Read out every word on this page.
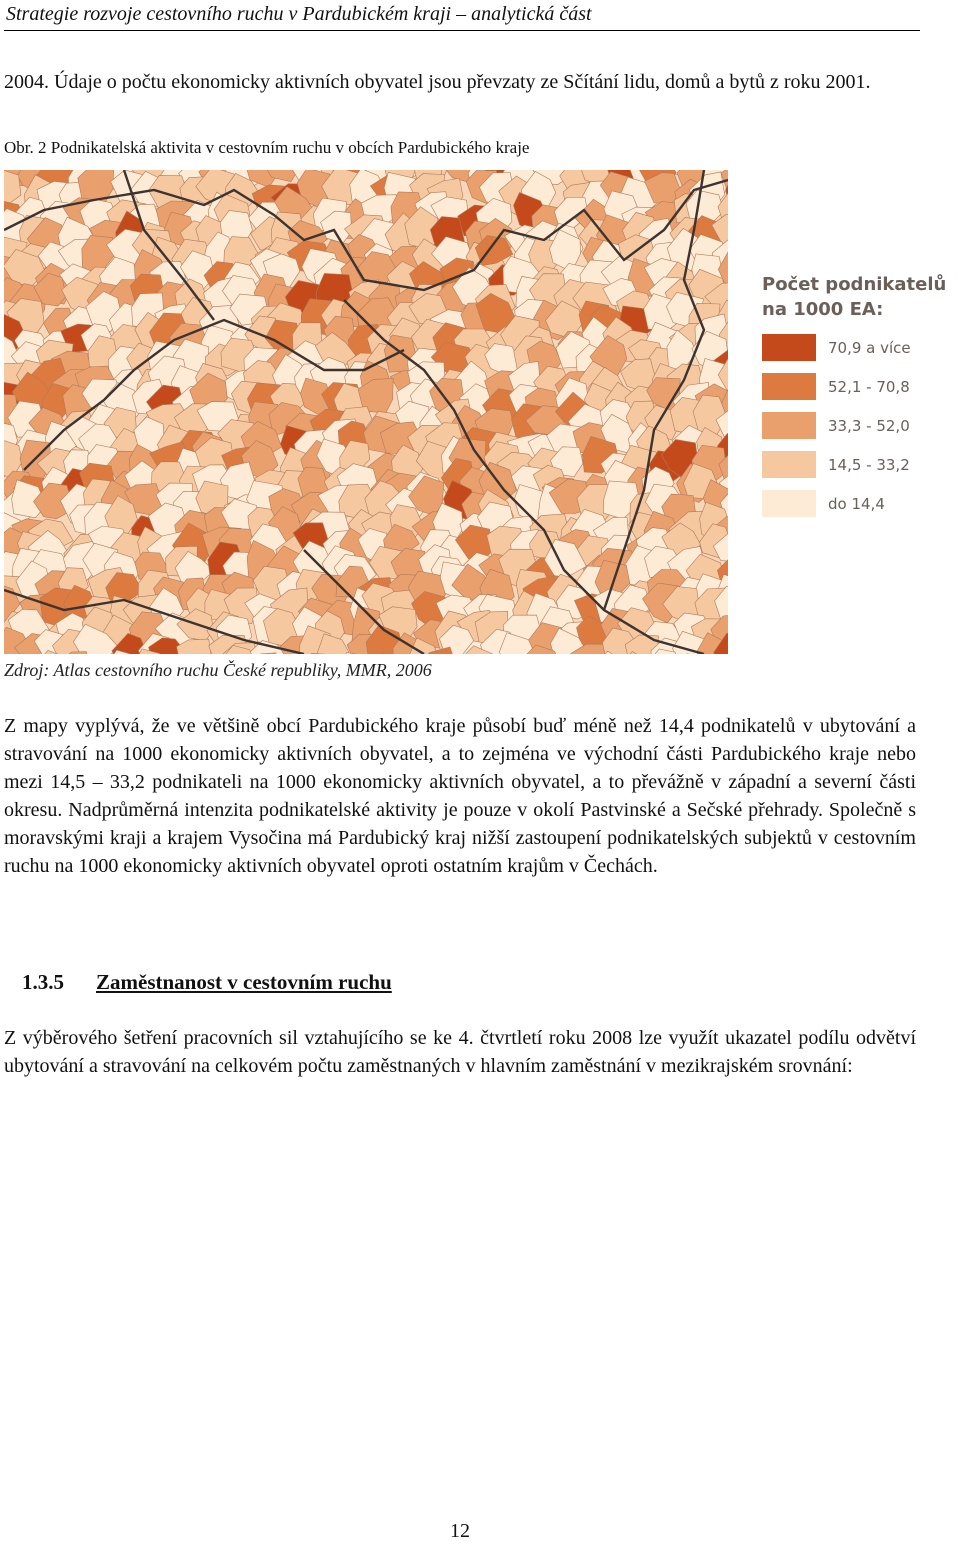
Strategie rozvoje cestovního ruchu v Pardubickém kraji – analytická část

2004. Údaje o počtu ekonomicky aktivních obyvatel jsou převzaty ze Sčítání lidu, domů a bytů z roku 2001.

Obr. 2 Podnikatelská aktivita v cestovním ruchu v obcích Pardubického kraje

Počet podnikatelů na 1000 EA:
70,9 a více
52,1 - 70,8
33,3 - 52,0
14,5 - 33,2
do 14,4

Zdroj: Atlas cestovního ruchu České republiky, MMR, 2006

Z mapy vyplývá, že ve většině obcí Pardubického kraje působí buď méně než 14,4 podnikatelů v ubytování a stravování na 1000 ekonomicky aktivních obyvatel, a to zejména ve východní části Pardubického kraje nebo mezi 14,5 – 33,2 podnikateli na 1000 ekonomicky aktivních obyvatel, a to převážně v západní a severní části okresu. Nadprůměrná intenzita podnikatelské aktivity je pouze v okolí Pastvinské a Sečské přehrady. Společně s moravskými kraji a krajem Vysočina má Pardubický kraj nižší zastoupení podnikatelských subjektů v cestovním ruchu na 1000 ekonomicky aktivních obyvatel oproti ostatním krajům v Čechách.

1.3.5 Zaměstnanost v cestovním ruchu

Z výběrového šetření pracovních sil vztahujícího se ke 4. čtvrtletí roku 2008 lze využít ukazatel podílu odvětví ubytování a stravování na celkovém počtu zaměstnaných v hlavním zaměstnání v mezikrajském srovnání:

12
